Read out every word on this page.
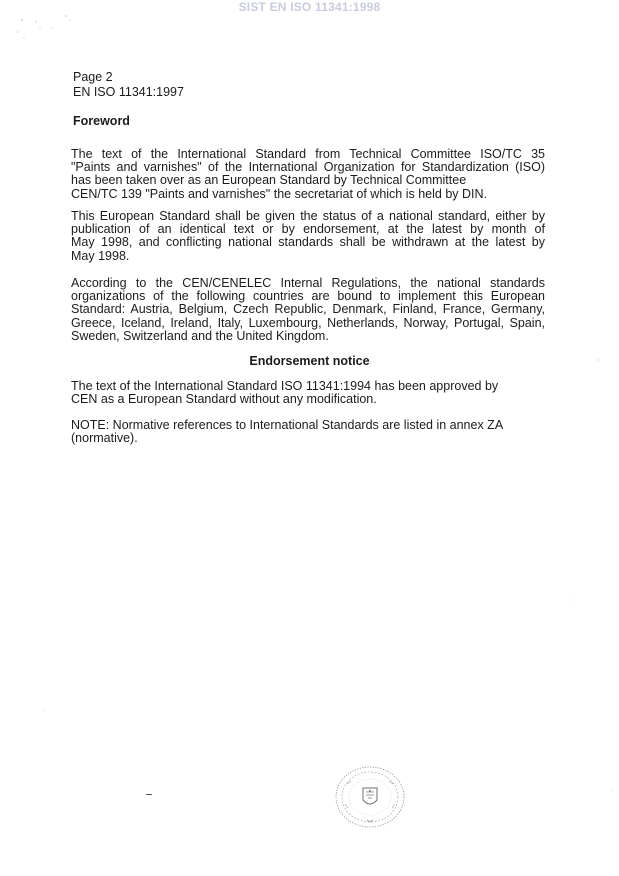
SIST EN ISO 11341:1998
Page 2
EN ISO 11341:1997
Foreword
The text of the International Standard from Technical Committee ISO/TC 35
"Paints and varnishes" of the International Organization for Standardization (ISO)
has been taken over as an European Standard by Technical Committee
CEN/TC 139 "Paints and varnishes" the secretariat of which is held by DIN.
This European Standard shall be given the status of a national standard, either by
publication of an identical text or by endorsement, at the latest by month of
May 1998, and conflicting national standards shall be withdrawn at the latest by
May 1998.
According to the CEN/CENELEC Internal Regulations, the national standards
organizations of the following countries are bound to implement this European
Standard: Austria, Belgium, Czech Republic, Denmark, Finland, France, Germany,
Greece, Iceland, Ireland, Italy, Luxembourg, Netherlands, Norway, Portugal, Spain,
Sweden, Switzerland and the United Kingdom.
Endorsement notice
The text of the International Standard ISO 11341:1994 has been approved by
CEN as a European Standard without any modification.
NOTE: Normative references to International Standards are listed in annex ZA
(normative).
